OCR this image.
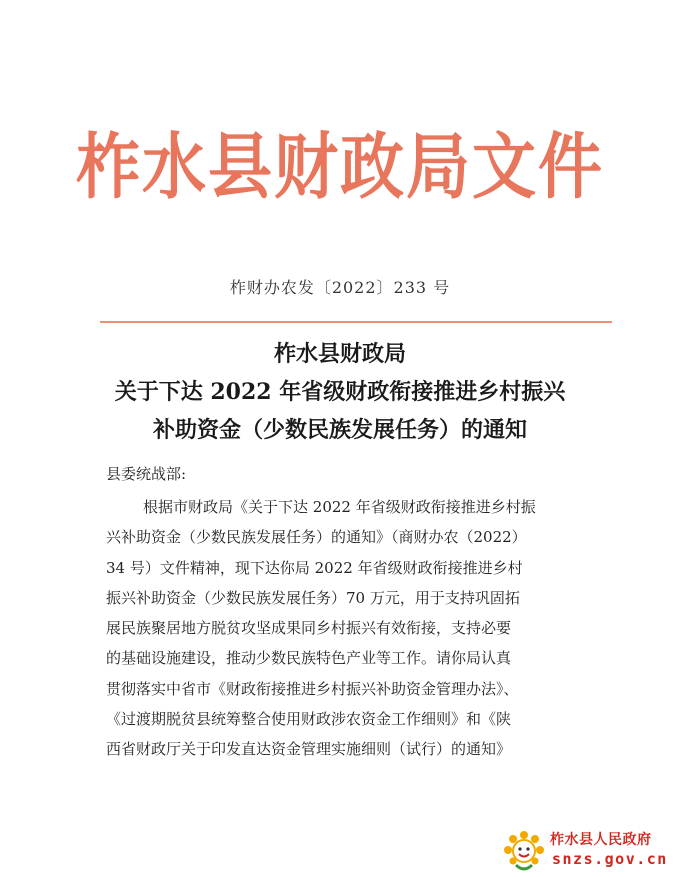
柞水县财政局文件
柞财办农发〔2022〕233 号
柞水县财政局
关于下达 2022 年省级财政衔接推进乡村振兴
补助资金（少数民族发展任务）的通知
县委统战部:
根据市财政局《关于下达 2022 年省级财政衔接推进乡村振
兴补助资金（少数民族发展任务）的通知》（商财办农（2022）
34 号）文件精神，现下达你局 2022 年省级财政衔接推进乡村
振兴补助资金（少数民族发展任务）70 万元，用于支持巩固拓
展民族聚居地方脱贫攻坚成果同乡村振兴有效衔接，支持必要
的基础设施建设，推动少数民族特色产业等工作。请你局认真
贯彻落实中省市《财政衔接推进乡村振兴补助资金管理办法》、
《过渡期脱贫县统筹整合使用财政涉农资金工作细则》和《陕
西省财政厅关于印发直达资金管理实施细则（试行）的通知》
柞水县人民政府
snzs.gov.cn
